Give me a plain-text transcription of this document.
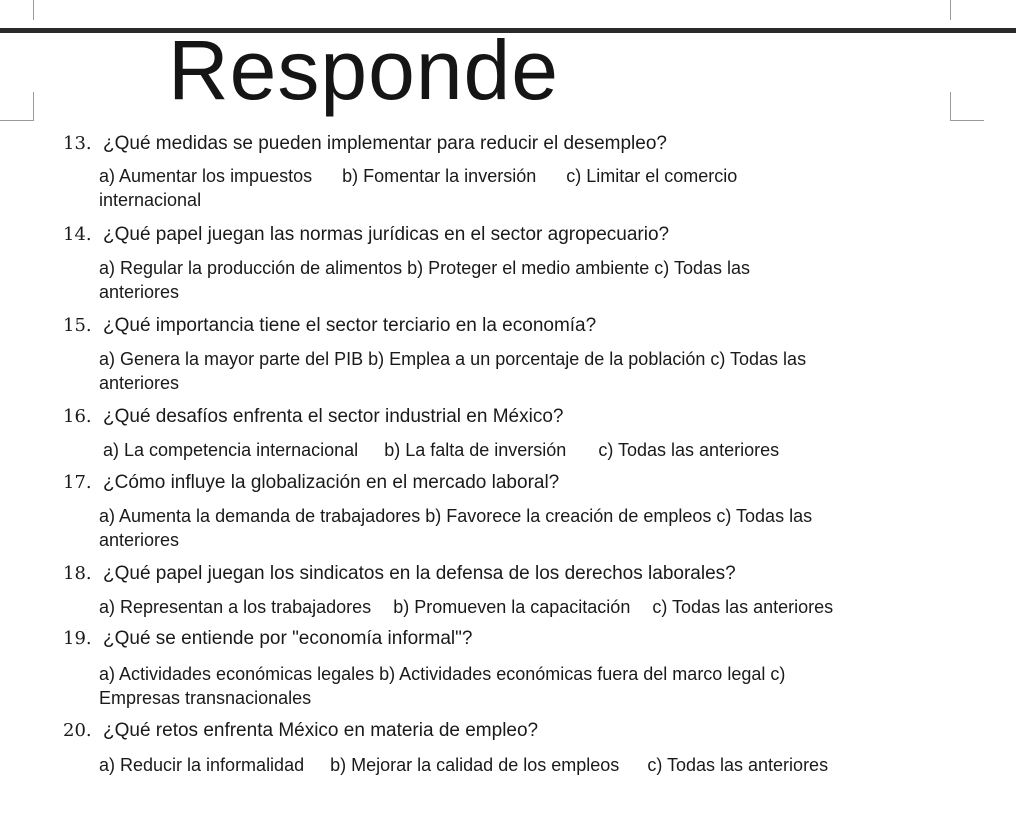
Responde
13. ¿Qué medidas se pueden implementar para reducir el desempleo?
a) Aumentar los impuestos b) Fomentar la inversión c) Limitar el comercio
internacional
14. ¿Qué papel juegan las normas jurídicas en el sector agropecuario?
a) Regular la producción de alimentos b) Proteger el medio ambiente c) Todas las
anteriores
15. ¿Qué importancia tiene el sector terciario en la economía?
a) Genera la mayor parte del PIB b) Emplea a un porcentaje de la población c) Todas las
anteriores
16. ¿Qué desafíos enfrenta el sector industrial en México?
a) La competencia internacional b) La falta de inversión c) Todas las anteriores
17. ¿Cómo influye la globalización en el mercado laboral?
a) Aumenta la demanda de trabajadores b) Favorece la creación de empleos c) Todas las
anteriores
18. ¿Qué papel juegan los sindicatos en la defensa de los derechos laborales?
a) Representan a los trabajadores b) Promueven la capacitación c) Todas las anteriores
19. ¿Qué se entiende por "economía informal"?
a) Actividades económicas legales b) Actividades económicas fuera del marco legal c)
Empresas transnacionales
20. ¿Qué retos enfrenta México en materia de empleo?
a) Reducir la informalidad b) Mejorar la calidad de los empleos c) Todas las anteriores
